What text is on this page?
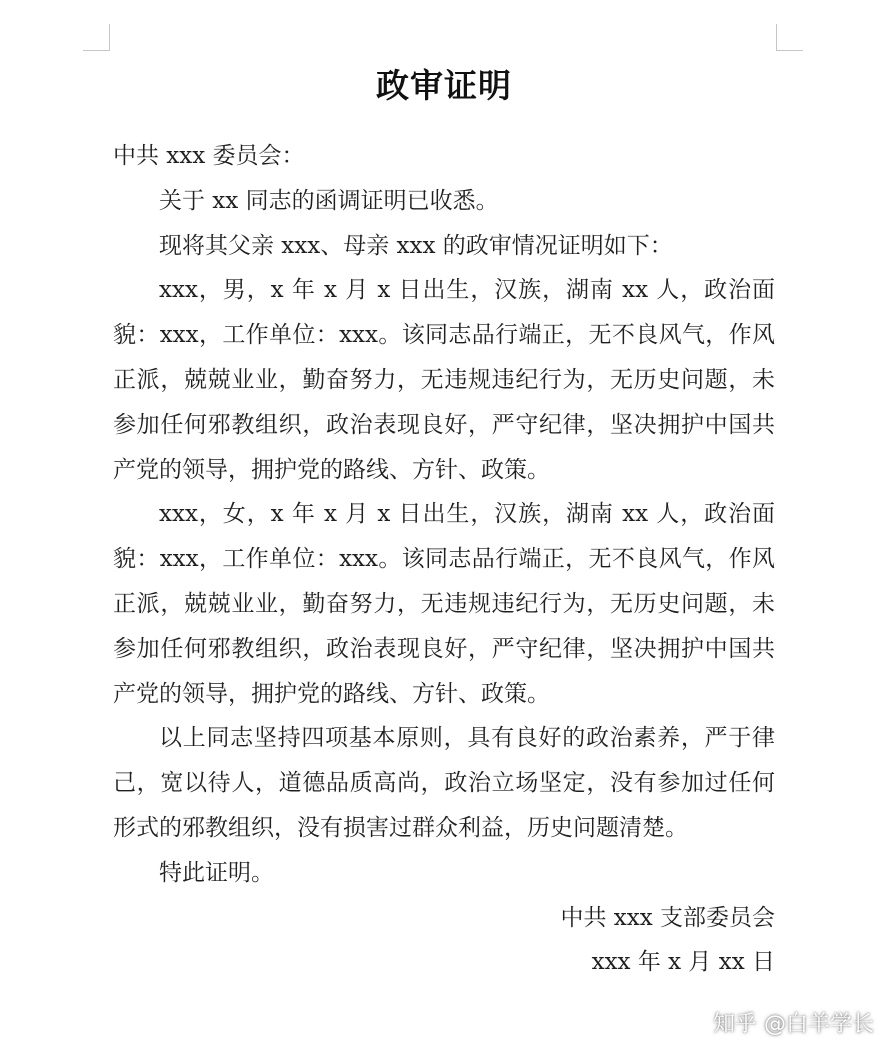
政审证明

中共 xxx 委员会：

关于 xx 同志的函调证明已收悉。

现将其父亲 xxx、母亲 xxx 的政审情况证明如下：

xxx，男，x 年 x 月 x 日出生，汉族，湖南 xx 人，政治面貌：xxx，工作单位：xxx。该同志品行端正，无不良风气，作风正派，兢兢业业，勤奋努力，无违规违纪行为，无历史问题，未参加任何邪教组织，政治表现良好，严守纪律，坚决拥护中国共产党的领导，拥护党的路线、方针、政策。

xxx，女，x 年 x 月 x 日出生，汉族，湖南 xx 人，政治面貌：xxx，工作单位：xxx。该同志品行端正，无不良风气，作风正派，兢兢业业，勤奋努力，无违规违纪行为，无历史问题，未参加任何邪教组织，政治表现良好，严守纪律，坚决拥护中国共产党的领导，拥护党的路线、方针、政策。

以上同志坚持四项基本原则，具有良好的政治素养，严于律己，宽以待人，道德品质高尚，政治立场坚定，没有参加过任何形式的邪教组织，没有损害过群众利益，历史问题清楚。

特此证明。

中共 xxx 支部委员会

xxx 年 x 月 xx 日

知乎 @白羊学长
